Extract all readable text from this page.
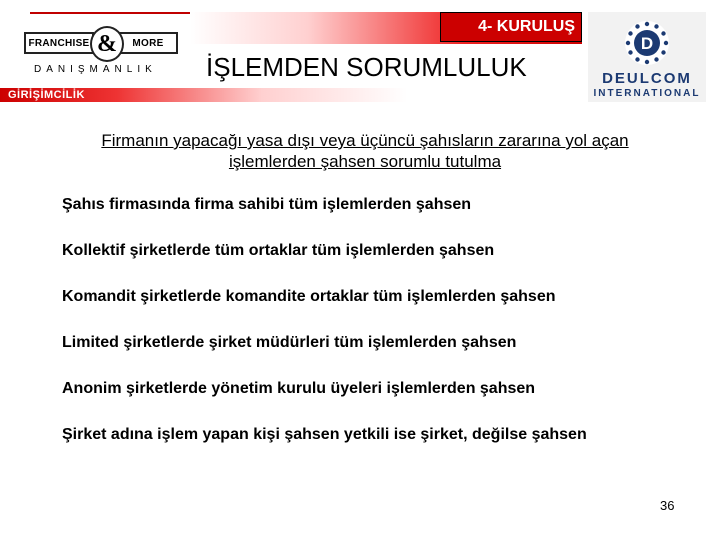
4- KURULUŞ
GİRİŞİMCİLİK
İŞLEMDEN SORUMLULUK
FRANCHISE	MORE
&
DANIŞMANLIK
D
DEULCOM
INTERNATIONAL
Firmanın yapacağı yasa dışı veya üçüncü şahısların zararına yol açan işlemlerden şahsen sorumlu tutulma
Şahıs firmasında firma sahibi tüm işlemlerden şahsen
Kollektif şirketlerde tüm ortaklar tüm işlemlerden şahsen
Komandit şirketlerde komandite ortaklar tüm işlemlerden şahsen
Limited şirketlerde şirket müdürleri tüm işlemlerden şahsen
Anonim şirketlerde yönetim kurulu üyeleri işlemlerden şahsen
Şirket adına işlem yapan kişi şahsen yetkili ise şirket, değilse şahsen
36
